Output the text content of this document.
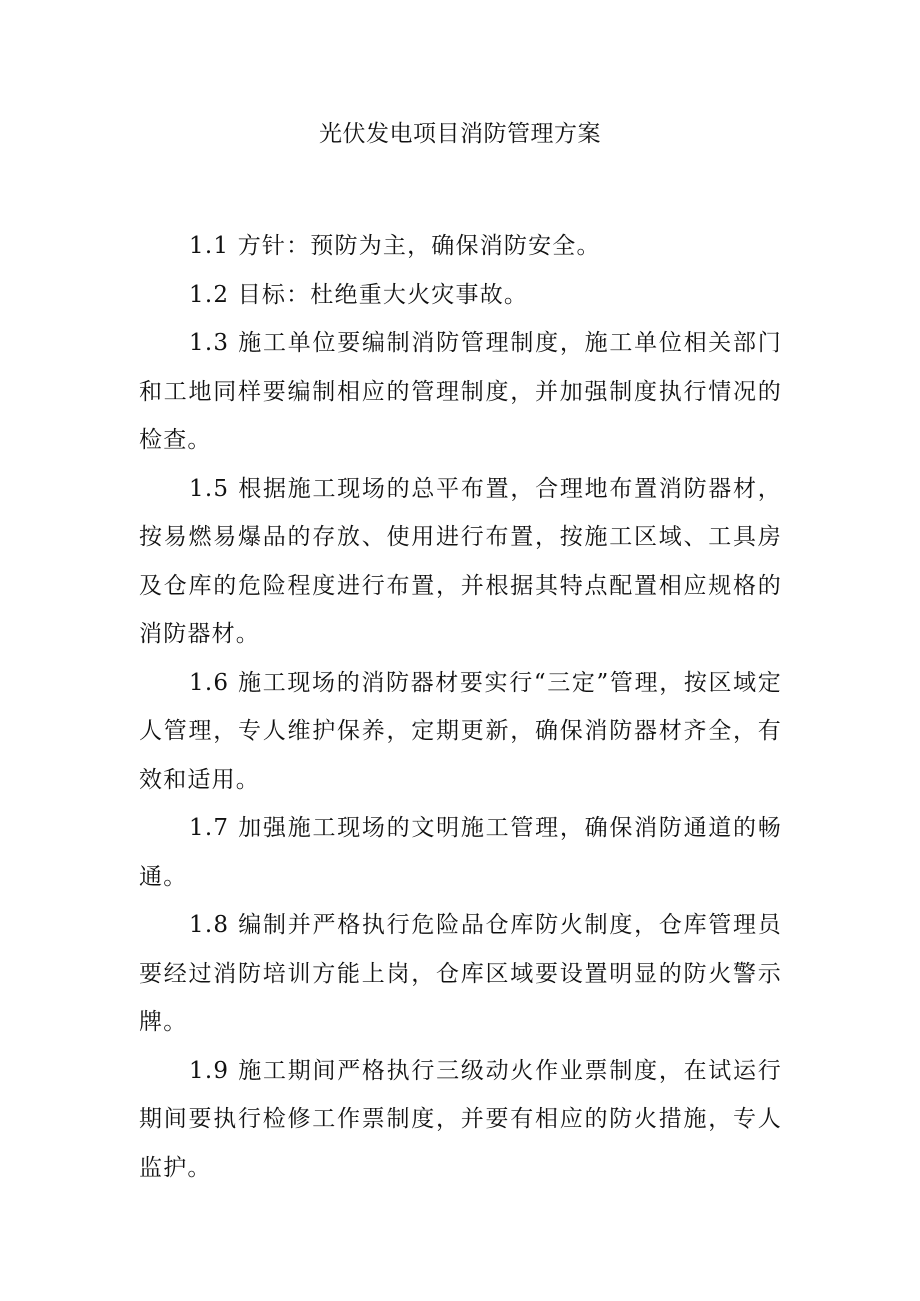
光伏发电项目消防管理方案

1.1 方针：预防为主，确保消防安全。

1.2 目标：杜绝重大火灾事故。

1.3 施工单位要编制消防管理制度，施工单位相关部门和工地同样要编制相应的管理制度，并加强制度执行情况的检查。

1.5 根据施工现场的总平布置，合理地布置消防器材，按易燃易爆品的存放、使用进行布置，按施工区域、工具房及仓库的危险程度进行布置，并根据其特点配置相应规格的消防器材。

1.6 施工现场的消防器材要实行“三定”管理，按区域定人管理，专人维护保养，定期更新，确保消防器材齐全，有效和适用。

1.7 加强施工现场的文明施工管理，确保消防通道的畅通。

1.8 编制并严格执行危险品仓库防火制度，仓库管理员要经过消防培训方能上岗，仓库区域要设置明显的防火警示牌。

1.9 施工期间严格执行三级动火作业票制度，在试运行期间要执行检修工作票制度，并要有相应的防火措施，专人监护。
